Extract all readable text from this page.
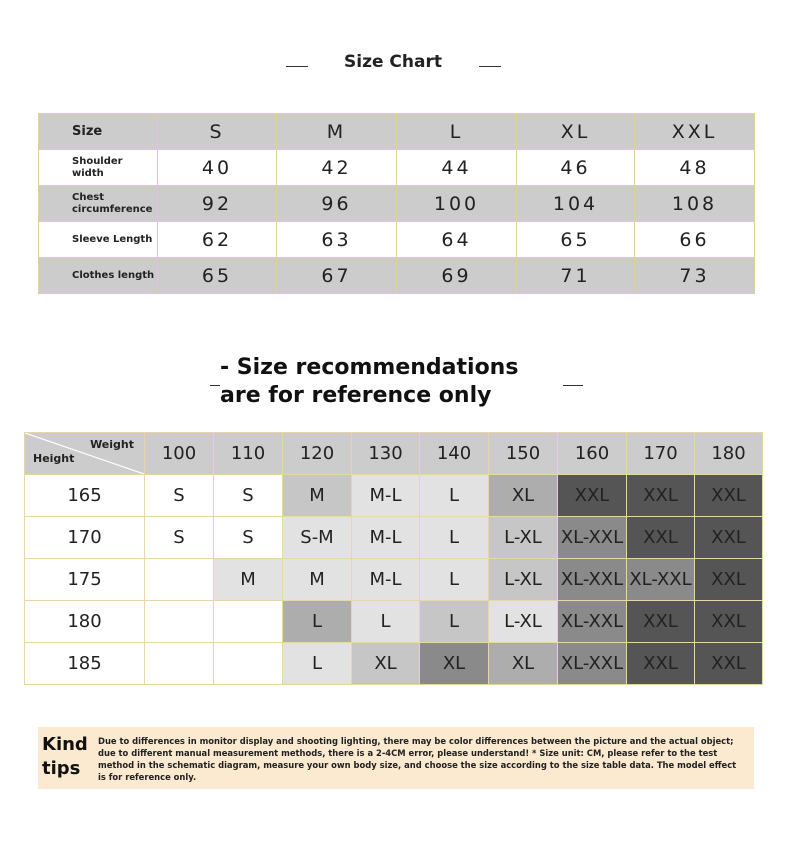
Size Chart
Size	S	M	L	XL	XXL
Shoulder width	40	42	44	46	48
Chest circumference	92	96	100	104	108
Sleeve Length	62	63	64	65	66
Clothes length	65	67	69	71	73
- Size recommendations
are for reference only
Weight
Height	100	110	120	130	140	150	160	170	180
165	S	S	M	M-L	L	XL	XXL	XXL	XXL
170	S	S	S-M	M-L	L	L-XL	XL-XXL	XXL	XXL
175		M	M	M-L	L	L-XL	XL-XXL	XL-XXL	XXL
180			L	L	L	L-XL	XL-XXL	XXL	XXL
185			L	XL	XL	XL	XL-XXL	XXL	XXL
Kind tips
Due to differences in monitor display and shooting lighting, there may be color differences between the picture and the actual object; due to different manual measurement methods, there is a 2-4CM error, please understand! * Size unit: CM, please refer to the test method in the schematic diagram, measure your own body size, and choose the size according to the size table data. The model effect is for reference only.
